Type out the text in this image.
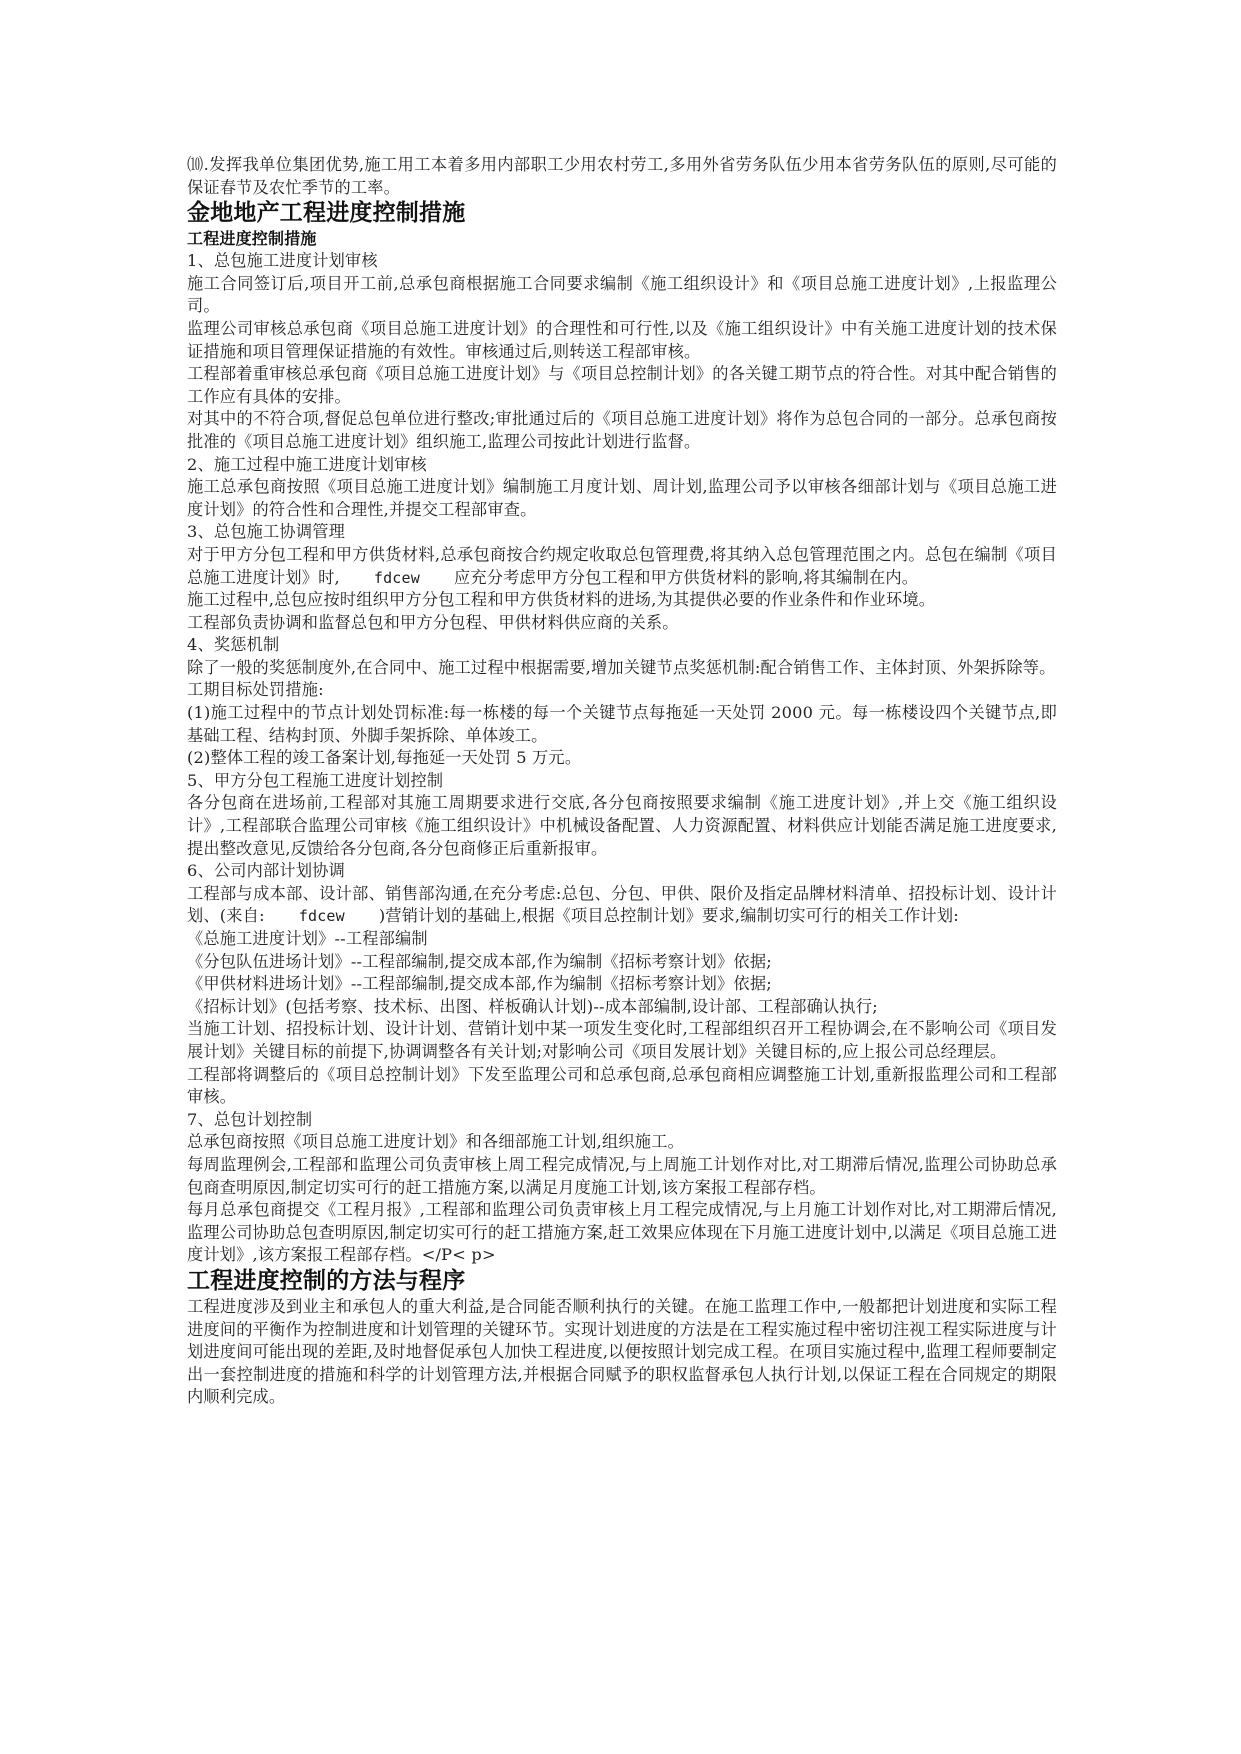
⑽.发挥我单位集团优势,施工用工本着多用内部职工少用农村劳工,多用外省劳务队伍少用本省劳务队伍的原则,尽可能的保证春节及农忙季节的工率。

金地地产工程进度控制措施
工程进度控制措施

1、总包施工进度计划审核

施工合同签订后,项目开工前,总承包商根据施工合同要求编制《施工组织设计》和《项目总施工进度计划》,上报监理公司。

监理公司审核总承包商《项目总施工进度计划》的合理性和可行性,以及《施工组织设计》中有关施工进度计划的技术保证措施和项目管理保证措施的有效性。审核通过后,则转送工程部审核。

工程部着重审核总承包商《项目总施工进度计划》与《项目总控制计划》的各关键工期节点的符合性。对其中配合销售的工作应有具体的安排。

对其中的不符合项,督促总包单位进行整改;审批通过后的《项目总施工进度计划》将作为总包合同的一部分。总承包商按批准的《项目总施工进度计划》组织施工,监理公司按此计划进行监督。

2、施工过程中施工进度计划审核

施工总承包商按照《项目总施工进度计划》编制施工月度计划、周计划,监理公司予以审核各细部计划与《项目总施工进度计划》的符合性和合理性,并提交工程部审查。

3、总包施工协调管理

对于甲方分包工程和甲方供货材料,总承包商按合约规定收取总包管理费,将其纳入总包管理范围之内。总包在编制《项目总施工进度计划》时, fdcew 应充分考虑甲方分包工程和甲方供货材料的影响,将其编制在内。

施工过程中,总包应按时组织甲方分包工程和甲方供货材料的进场,为其提供必要的作业条件和作业环境。

工程部负责协调和监督总包和甲方分包程、甲供材料供应商的关系。

4、奖惩机制

除了一般的奖惩制度外,在合同中、施工过程中根据需要,增加关键节点奖惩机制:配合销售工作、主体封顶、外架拆除等。

工期目标处罚措施:

(1)施工过程中的节点计划处罚标准:每一栋楼的每一个关键节点每拖延一天处罚 2000 元。每一栋楼设四个关键节点,即基础工程、结构封顶、外脚手架拆除、单体竣工。

(2)整体工程的竣工备案计划,每拖延一天处罚 5 万元。

5、甲方分包工程施工进度计划控制

各分包商在进场前,工程部对其施工周期要求进行交底,各分包商按照要求编制《施工进度计划》,并上交《施工组织设计》,工程部联合监理公司审核《施工组织设计》中机械设备配置、人力资源配置、材料供应计划能否满足施工进度要求,提出整改意见,反馈给各分包商,各分包商修正后重新报审。

6、公司内部计划协调

工程部与成本部、设计部、销售部沟通,在充分考虑:总包、分包、甲供、限价及指定品牌材料清单、招投标计划、设计计划、(来自: fdcew )营销计划的基础上,根据《项目总控制计划》要求,编制切实可行的相关工作计划:

《总施工进度计划》--工程部编制

《分包队伍进场计划》--工程部编制,提交成本部,作为编制《招标考察计划》依据;

《甲供材料进场计划》--工程部编制,提交成本部,作为编制《招标考察计划》依据;

《招标计划》(包括考察、技术标、出图、样板确认计划)--成本部编制,设计部、工程部确认执行;

当施工计划、招投标计划、设计计划、营销计划中某一项发生变化时,工程部组织召开工程协调会,在不影响公司《项目发展计划》关键目标的前提下,协调调整各有关计划;对影响公司《项目发展计划》关键目标的,应上报公司总经理层。

工程部将调整后的《项目总控制计划》下发至监理公司和总承包商,总承包商相应调整施工计划,重新报监理公司和工程部审核。

7、总包计划控制

总承包商按照《项目总施工进度计划》和各细部施工计划,组织施工。

每周监理例会,工程部和监理公司负责审核上周工程完成情况,与上周施工计划作对比,对工期滞后情况,监理公司协助总承包商查明原因,制定切实可行的赶工措施方案,以满足月度施工计划,该方案报工程部存档。

每月总承包商提交《工程月报》,工程部和监理公司负责审核上月工程完成情况,与上月施工计划作对比,对工期滞后情况,监理公司协助总包查明原因,制定切实可行的赶工措施方案,赶工效果应体现在下月施工进度计划中,以满足《项目总施工进度计划》,该方案报工程部存档。</P< p>

工程进度控制的方法与程序

工程进度涉及到业主和承包人的重大利益,是合同能否顺利执行的关键。在施工监理工作中,一般都把计划进度和实际工程进度间的平衡作为控制进度和计划管理的关键环节。实现计划进度的方法是在工程实施过程中密切注视工程实际进度与计划进度间可能出现的差距,及时地督促承包人加快工程进度,以便按照计划完成工程。在项目实施过程中,监理工程师要制定出一套控制进度的措施和科学的计划管理方法,并根据合同赋予的职权监督承包人执行计划,以保证工程在合同规定的期限内顺利完成。
